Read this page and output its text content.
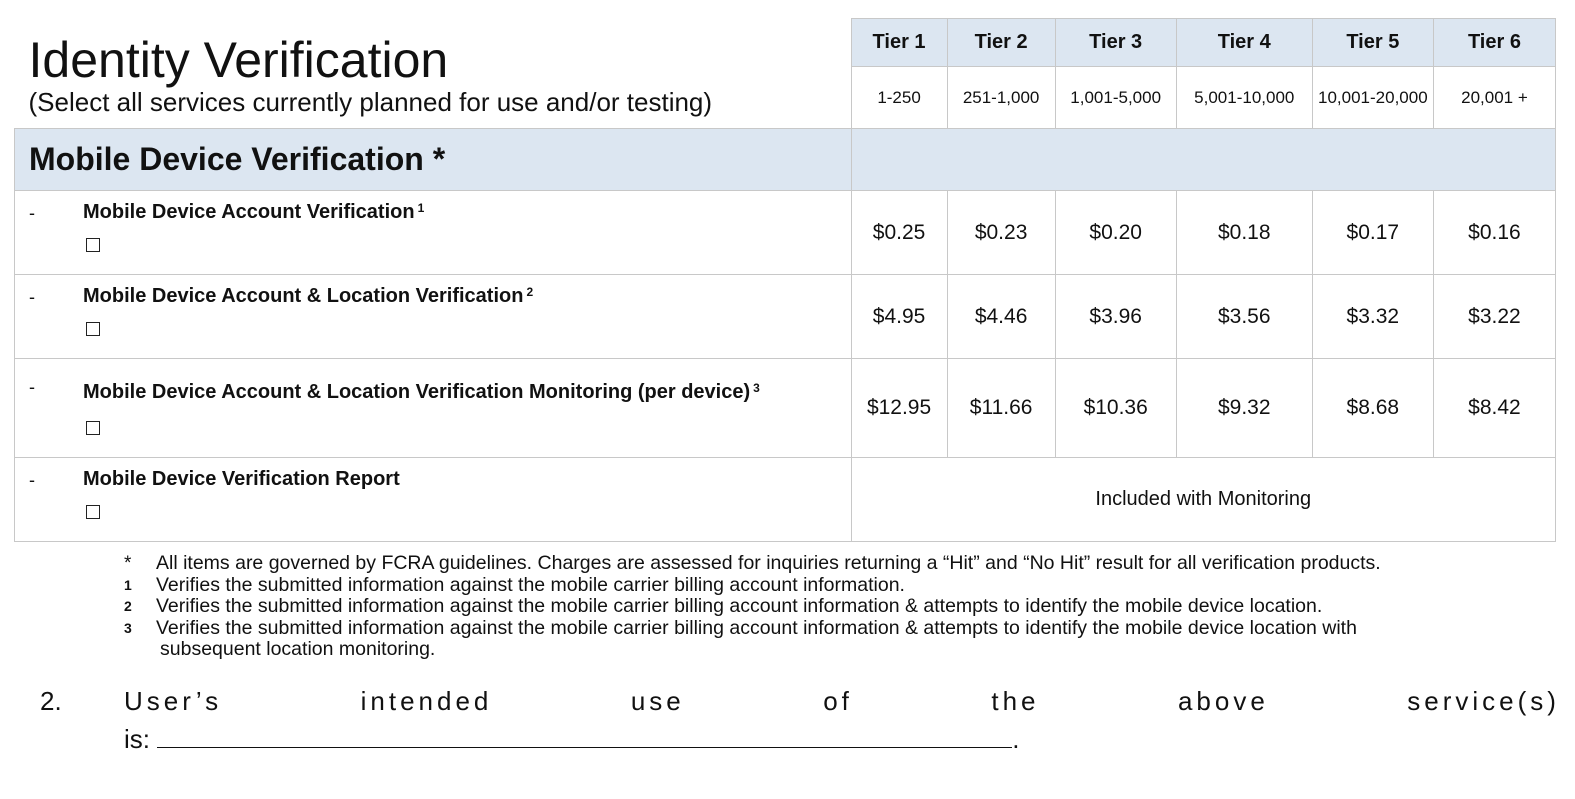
Identity Verification
(Select all services currently planned for use and/or testing)	Tier 1	Tier 2	Tier 3	Tier 4	Tier 5	Tier 6
	1-250	251-1,000	1,001-5,000	5,001-10,000	10,001-20,000	20,001 +

Mobile Device Verification *						

- Mobile Device Account Verification $^1$	$0.25	$0.23	$0.20	$0.18	$0.17	$0.16

- Mobile Device Account & Location Verification $^2$	$4.95	$4.46	$3.96	$3.56	$3.32	$3.22

- Mobile Device Account & Location Verification Monitoring (per device) $^3$	$12.95	$11.66	$10.36	$9.32	$8.68	$8.42

- Mobile Device Verification Report	Included with Monitoring					
* All items are governed by FCRA guidelines. Charges are assessed for inquiries returning a “Hit” and “No Hit” result for all verification products.
1 Verifies the submitted information against the mobile carrier billing account information.
2 Verifies the submitted information against the mobile carrier billing account information & attempts to identify the mobile device location.
3 Verifies the submitted information against the mobile carrier billing account information & attempts to identify the mobile device location with
subsequent location monitoring.
2. User’s	intended	use	of	the	above	service(s)
is:	.
